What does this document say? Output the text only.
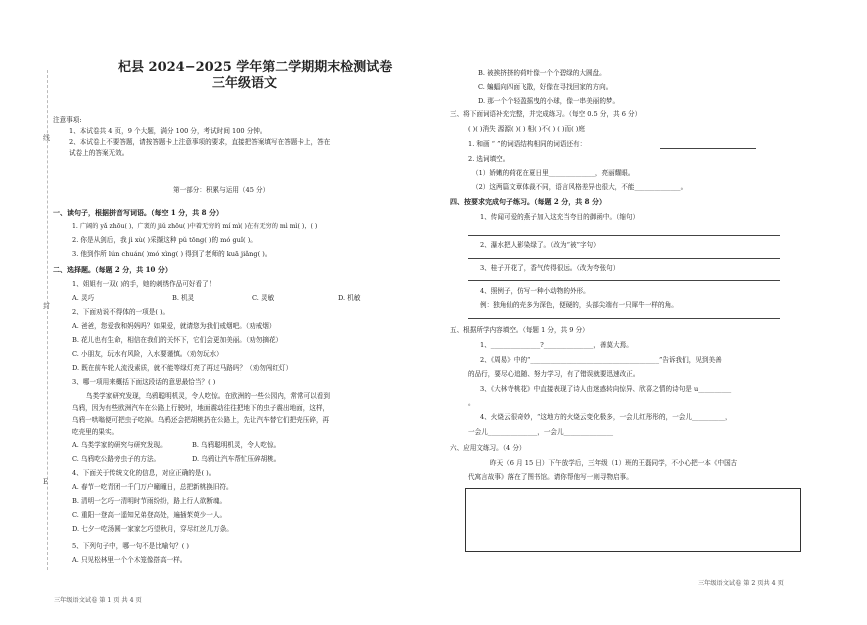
线
封
E
杞县 2024−2025 学年第二学期期末检测试卷
三年级语文
注意事项:
1、本试卷共 4 页，9 个大题，满分 100 分，考试时间 100 分钟。
2、本试卷上不要答题，请按答题卡上注意事项的要求，直接把答案填写在答题卡上，答在
试卷上的答案无效。
第一部分：积累与运用（45 分）
一、读句子，根据拼音写词语。（每空 1 分，共 8 分）
1. 广阔的 yǎ zhōu( )，广袤的 jiǔ zhōu( )中着无穷的 mí mì( )在有无穷的 mì mì( )，( )
2. 你是从剑后，我 jì xù( )采撷这种 pǔ tōng( )的 mó guǐ( )。
3. 他到作所 lún chuán( )mó xìng( ) 得到了老师的 kuā jiǎng( )。
二、选择题。（每题 2 分，共 10 分）
1、姐姐有一双( )的手，她的刺绣作品可好看了！
A. 灵巧	B. 机灵	C. 灵敏	D. 机敏
2、下面劝说不得体的一项是( )。
A. 爸爸，您爱我和妈妈吗？如果爱，就请您为我们戒烟吧。（劝戒烟）
B. 花儿也有生命，相信在我们的关怀下，它们会更加美丽。（劝勿摘花）
C. 小朋友，玩水有风险，入水要谨慎。（劝勿玩水）
D. 既在前车轮人流没素质，就不能等绿灯亮了再过马路吗？（劝勿闯红灯）
3、哪一项用来概括下面这段话的意思最恰当？( )
鸟类学家研究发现，乌鸦聪明机灵，令人吃惊。在欧洲的一些公园内，常常可以看到
乌鸦，因为有些欧洲汽车在公路上行驶时，地面震动往往把地下的虫子震出地面，这样，
乌鸦一哄嗡便可把虫子吃掉。乌鸦还会把胡桃扔在公路上，先让汽车替它们把壳压碎，再
吃壳里的果实。
A. 乌类学家的研究与研究发现。	B. 乌鸦聪明机灵，令人吃惊。
C. 乌鸦吃公路旁虫子的方法。	D. 乌鸦让汽车帮忙压碎胡桃。
4、下面关于传统文化的信息，对应正确的是( )。
A. 春节一吃青团一千门万户曈曈日，总把新桃换旧符。
B. 清明一乞巧一清明时节雨纷纷，路上行人欲断魂。
C. 重阳一登高一遥知兄弟登高处，遍插茱萸少一人。
D. 七夕一吃汤圆一家家乞巧望秋月，穿尽红丝几万条。
5、下列句子中，哪一句不是比喻句？( )
A. 只见松林里一个个木笼像搭高一样。
三年级语文试卷 第 1 页 共 4 页
B. 被挨挤挤的荷叶像一个个碧绿的大圆盘。
C. 蝙蝠向四面飞散，好像在寻找回家的方向。
D. 那一个个轻盈摇曳的小球，像一串美丽的梦。
三、将下面词语补充完整，并完成练习。（每空 0.5 分，共 6 分）
( )( )消失 源源( )( ) 相( )不( ) ( )而( )庭
1. 和画 “ ”的词语结构相同的词语还有：
2. 选词填空。
（1）娇嫩的荷花在夏日里______________，亮丽耀眼。
（2）这两篇文章体裁不同，语言风格差异也很大，不能______________。
四、按要求完成句子练习。（每题 2 分，共 8 分）
1、传闻可爱的燕子加入这充当夸目的御函中。（缩句）
2、瀑水把人影染绿了。（改为“被”字句）
3、桂子开花了，香气传得很远。（改为夸张句）
4、照例子，仿写一种小动物的外形。
例：独角仙的壳多为深色，便硬的，头部尖端有一只犀牛一样的角。
五、根据所学内容填空。（每题 1 分，共 9 分）
1、_______________?_______________，善莫大焉。
2、《周易》中的“_______________________________________”告诉我们，见到美善
的品行，要尽心追随、努力学习，有了错误就要迅速改正。
3、《大林寺桃花》中直接表现了诗人由迷惑转向惊异、欣喜之情的诗句是 u__________
。
4、火烧云很奇妙，“这地方的火烧云变化极多，一会儿红彤彤的，一会儿__________，
一会儿_______________，一会儿_______________
六、应用文练习。（4 分）
昨天（6 月 15 日）下午放学后，三年级（1）班的王磊同学，不小心把一本《中国古
代寓言故事》落在了图书馆。请你帮他写一则寻物启事。
三年级语文试卷 第 2 页共 4 页
